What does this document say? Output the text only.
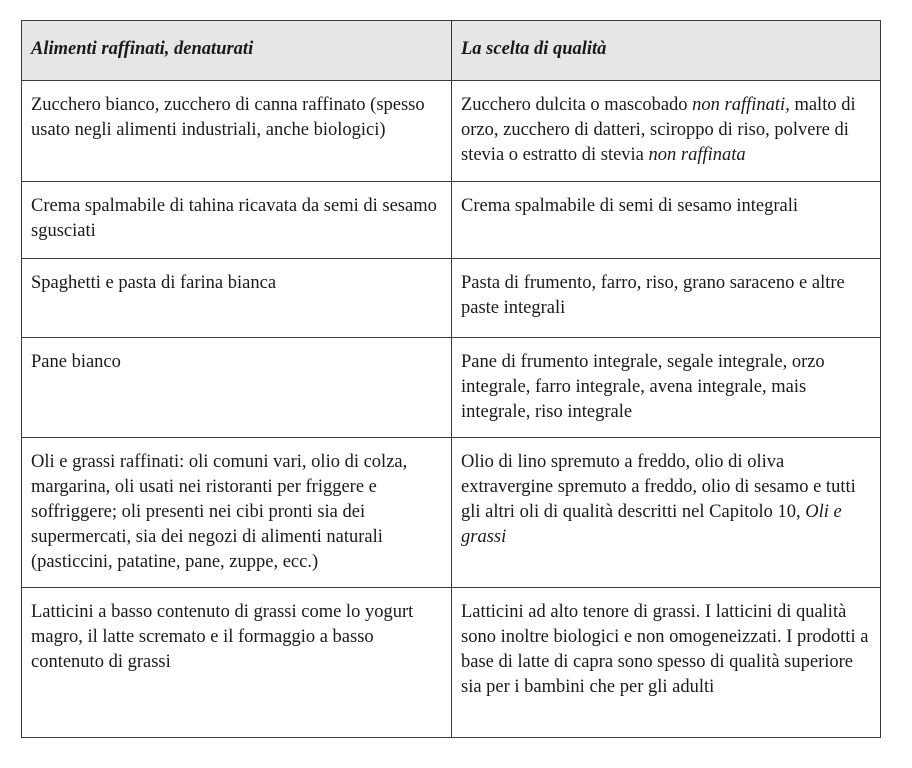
Alimenti raffinati, denaturati	La scelta di qualità
Zucchero bianco, zucchero di canna raffinato (spesso usato negli alimenti industriali, anche biologici)	Zucchero dulcita o mascobado non raffinati, malto di orzo, zucchero di datteri, sciroppo di riso, polvere di stevia o estratto di stevia non raffinata
Crema spalmabile di tahina ricavata da semi di sesamo sgusciati	Crema spalmabile di semi di sesamo integrali
Spaghetti e pasta di farina bianca	Pasta di frumento, farro, riso, grano saraceno e altre paste integrali
Pane bianco	Pane di frumento integrale, segale integrale, orzo integrale, farro integrale, avena integrale, mais integrale, riso integrale
Oli e grassi raffinati: oli comuni vari, olio di colza, margarina, oli usati nei ristoranti per friggere e soffriggere; oli presenti nei cibi pronti sia dei supermercati, sia dei negozi di alimenti naturali (pasticcini, patatine, pane, zuppe, ecc.)	Olio di lino spremuto a freddo, olio di oliva extravergine spremuto a freddo, olio di sesamo e tutti gli altri oli di qualità descritti nel Capitolo 10, Oli e grassi
Latticini a basso contenuto di grassi come lo yogurt magro, il latte scremato e il formaggio a basso contenuto di grassi	Latticini ad alto tenore di grassi. I latticini di qualità sono inoltre biologici e non omogeneizzati. I prodotti a base di latte di capra sono spesso di qualità superiore sia per i bambini che per gli adulti
